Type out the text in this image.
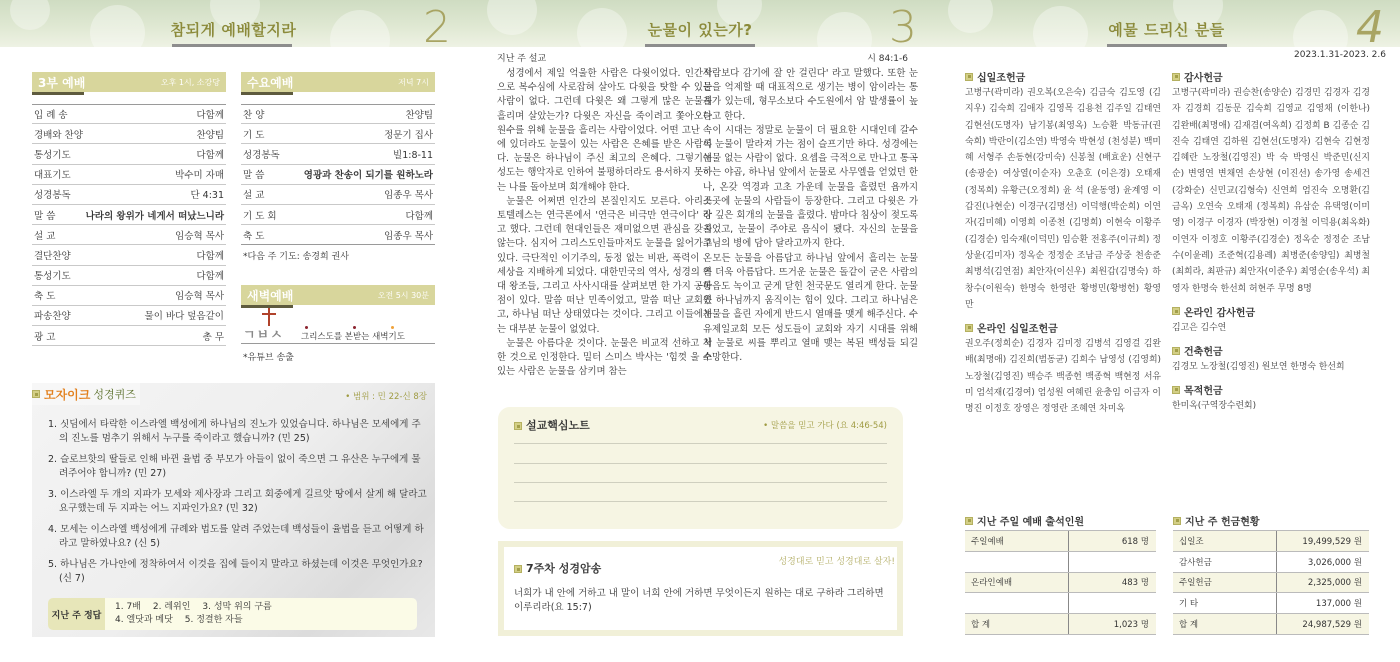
참되게 예배할지라	2
3부 예배	오후 1시, 소강당
입 례 송	다함께
경배와 찬양	찬양팀
통성기도	다함께
대표기도	박수미 자매
성경봉독	단 4:31
말 씀	나라의 왕위가 네게서 떠났느니라
설 교	임승혁 목사
결단찬양	다함께
통성기도	다함께
축 도	임승혁 목사
파송찬양	물이 바다 덮음같이
광 고	총 무
수요예배	저녁 7시
찬 양	찬양팀
기 도	정문기 집사
성경봉독	빌1:8-11
말 씀	영광과 찬송이 되기를 원하노라
설 교	임종우 목사
기 도 회	다함께
축 도	임종우 목사
*다음 주 기도: 송경희 권사
새벽예배	오전 5시 30분
ㄱㅂㅅ 그리스도를 본받는 새벽기도
*유튜브 송출
모자이크 성경퀴즈	• 범위 : 민 22-신 8장
1. 싯딤에서 타락한 이스라엘 백성에게 하나님의 진노가 있었습니다. 하나님은 모세에게 주의 진노를 멈추기 위해서 누구를 죽이라고 했습니까? (민 25)
2. 슬로브핫의 딸들로 인해 바뀐 율법 중 부모가 아들이 없이 죽으면 그 유산은 누구에게 물려주어야 합니까? (민 27)
3. 이스라엘 두 개의 지파가 모세와 제사장과 그리고 회중에게 길르앗 땅에서 살게 해 달라고 요구했는데 두 지파는 어느 지파인가요? (민 32)
4. 모세는 이스라엘 백성에게 규례와 법도를 알려 주었는데 백성들이 율법을 듣고 어떻게 하라고 말하였나요? (신 5)
5. 하나님은 가나안에 정착하여서 이것을 집에 들이지 말라고 하셨는데 이것은 무엇인가요? (신 7)
지난 주 정답
1. 7배 2. 레위인 3. 성막 위의 구름
4. 엘닷과 메닷 5. 정결한 자들
눈물이 있는가?	3
지난 주 설교	시 84:1-6

성경에서 제일 억울한 사람은 다윗이었다. 인간적으로 복수심에 사로잡혀 살아도 다윗을 탓할 수 있는 사람이 없다. 그런데 다윗은 왜 그렇게 많은 눈물을 흘리며 살았는가? 다윗은 자신을 죽이려고 쫓아오는 원수를 위해 눈물을 흘리는 사람이었다. 어떤 고난 속에 있더라도 눈물이 있는 사람은 은혜를 받은 사람이다. 눈물은 하나님이 주신 최고의 은혜다. 그렇기에 성도는 행악자로 인하여 불평하더라도 용서하지 못하는 나를 돌아보며 회개해야 한다.

눈물은 어쩌면 인간의 본질인지도 모른다. 아리스토텔레스는 연극론에서 '연극은 비극만 연극이다' 라고 했다. 그런데 현대인들은 재미없으면 관심을 갖지 않는다. 심지어 그리스도인들마저도 눈물을 잃어가고 있다. 극단적인 이기주의, 동정 없는 비판, 폭력이 온 세상을 지배하게 되었다. 대한민국의 역사, 성경의 역대 왕조들, 그리고 사사시대를 살펴보면 한 가지 공통점이 있다. 말씀 떠난 민족이었고, 말씀 떠난 교회였고, 하나님 떠난 상태였다는 것이다. 그리고 이들에게는 대부분 눈물이 없었다.

눈물은 아름다운 것이다. 눈물은 비교적 선하고 착한 것으로 인정한다. 밀터 스미스 박사는 '힘껏 울 수 있는 사람은 눈물을 삼키며 참는

사람보다 감기에 잘 안 걸린다' 라고 말했다. 또한 눈물을 억제할 때 대표적으로 생기는 병이 암이라는 통계가 있는데, 형무소보다 수도원에서 암 발생률이 높다고 한다.

이 시대는 정말로 눈물이 더 필요한 시대인데 갈수록 눈물이 말라져 가는 점이 슬프기만 하다. 성경에는 눈물 없는 사람이 없다. 요셉을 극적으로 만나고 통곡하는 야곱, 하나님 앞에서 눈물로 사무엘을 얻었던 한나, 온갖 역경과 고초 가운데 눈물을 흘렸던 욥까지 곳곳에 눈물의 사람들이 등장한다. 그리고 다윗은 가장 깊은 회개의 눈물을 흘렸다. 밤마다 침상이 젖도록 울었고, 눈물이 주야로 음식이 됐다. 자신의 눈물을 주님의 병에 담아 달라고까지 한다.

모든 눈물을 아름답고 하나님 앞에서 흘리는 눈물은 더욱 아름답다. 뜨거운 눈물은 돌같이 굳은 사람의 마음도 녹이고 굳게 닫힌 천국문도 열리게 한다. 눈물은 하나님까지 움직이는 힘이 있다. 그리고 하나님은 눈물을 흘린 자에게 반드시 열매를 맺게 해주신다. 수유제일교회 모든 성도들이 교회와 자기 시대를 위해서 눈물로 씨를 뿌리고 열매 맺는 복된 백성들 되길 소망한다.

설교핵심노트	• 말씀을 믿고 가다 (요 4:46-54)
7주차 성경암송	성경대로 믿고 성경대로 살자!
너희가 내 안에 거하고 내 말이 너희 안에 거하면 무엇이든지 원하는 대로 구하라 그리하면 이루리라(요 15:7)
예물 드리신 분들	4
2023.1.31-2023. 2.6
십일조헌금
고병구(곽미라) 권오복(오은숙) 김금숙 김도영 (김지우) 김숙희 김애자 김영목 김용천 김주일 김태연 김현선(도명자) 남기봉(최영옥) 노승환 박동규(권숙희) 박란이(김소연) 박영숙 박현성 (천성분) 백미혜 서형주 손동현(강미숙) 신봉철 (배효운) 신현구(송광순) 여상열(이순자) 오춘호 (이은경) 오태재(정복희) 유황근(오정희) 윤 석 (윤동영) 윤계영 이갑진(나현순) 이경구(김명선) 이덕행(박순희) 이연자(김미혜) 이영희 이종천 (김명희) 이현숙 이황주(김경순) 임숙재(이덕민) 임승환 전홍주(이규희) 정상윤(김미자) 정옥순 정정순 조남금 주상중 천송준 최병석(김연점) 최안자(이신우) 최원갑(김명숙) 하창수(이원숙) 한명숙 한영란 황병민(황병헌) 황영만
온라인 십일조헌금
권오주(정희순) 김경자 김미정 김병석 김영걸 김완배(최명애) 김진희(범동균) 김희수 남영성 (김영희) 노장철(김영진) 백승주 백종헌 백종혁 백현정 서유미 엄석재(김경여) 엄성원 여혜린 윤충임 이금자 이명진 이정호 장영은 정영란 조혜연 차미옥
감사헌금
고병구(곽미라) 권승찬(송양순) 김경민 김경자 김경자 김경희 김동문 김숙희 김영교 김영채 (이한나) 김완배(최명애) 김재겸(여옥희) 김정희 B 김종순 김진숙 김태연 김하원 김현선(도명자) 김현숙 김현정 김혜란 노장철(김영진) 박 숙 박영신 박준민(신지순) 변영연 변채연 손상현 (이진선) 송가영 송세건(강화순) 신민교(김형숙) 신연희 엄진숙 오명환(김금옥) 오연숙 오태재 (정복희) 유삼순 유택영(이미영) 이경구 이경자 (박장현) 이경철 이덕용(최옥화) 이연자 이정호 이황주(김경순) 정옥순 정정순 조남수(이윤례) 조준혁(김용례) 최병준(송양임) 최병철(최희라, 최판규) 최안자(이준우) 최영순(송우석) 최영자 한명숙 한선희 허현주 무명 8명
온라인 감사헌금
김고은 김수연
건축헌금
김경모 노장철(김영진) 원보연 한명숙 한선희
목적헌금
한미옥(구역장수련회)
지난 주일 예배 출석인원
주일예배	618 명
온라인예배	483 명
합 계	1,023 명
지난 주 헌금현황
십일조	19,499,529 원
감사헌금	3,026,000 원
주일헌금	2,325,000 원
기 타	137,000 원
합 계	24,987,529 원
